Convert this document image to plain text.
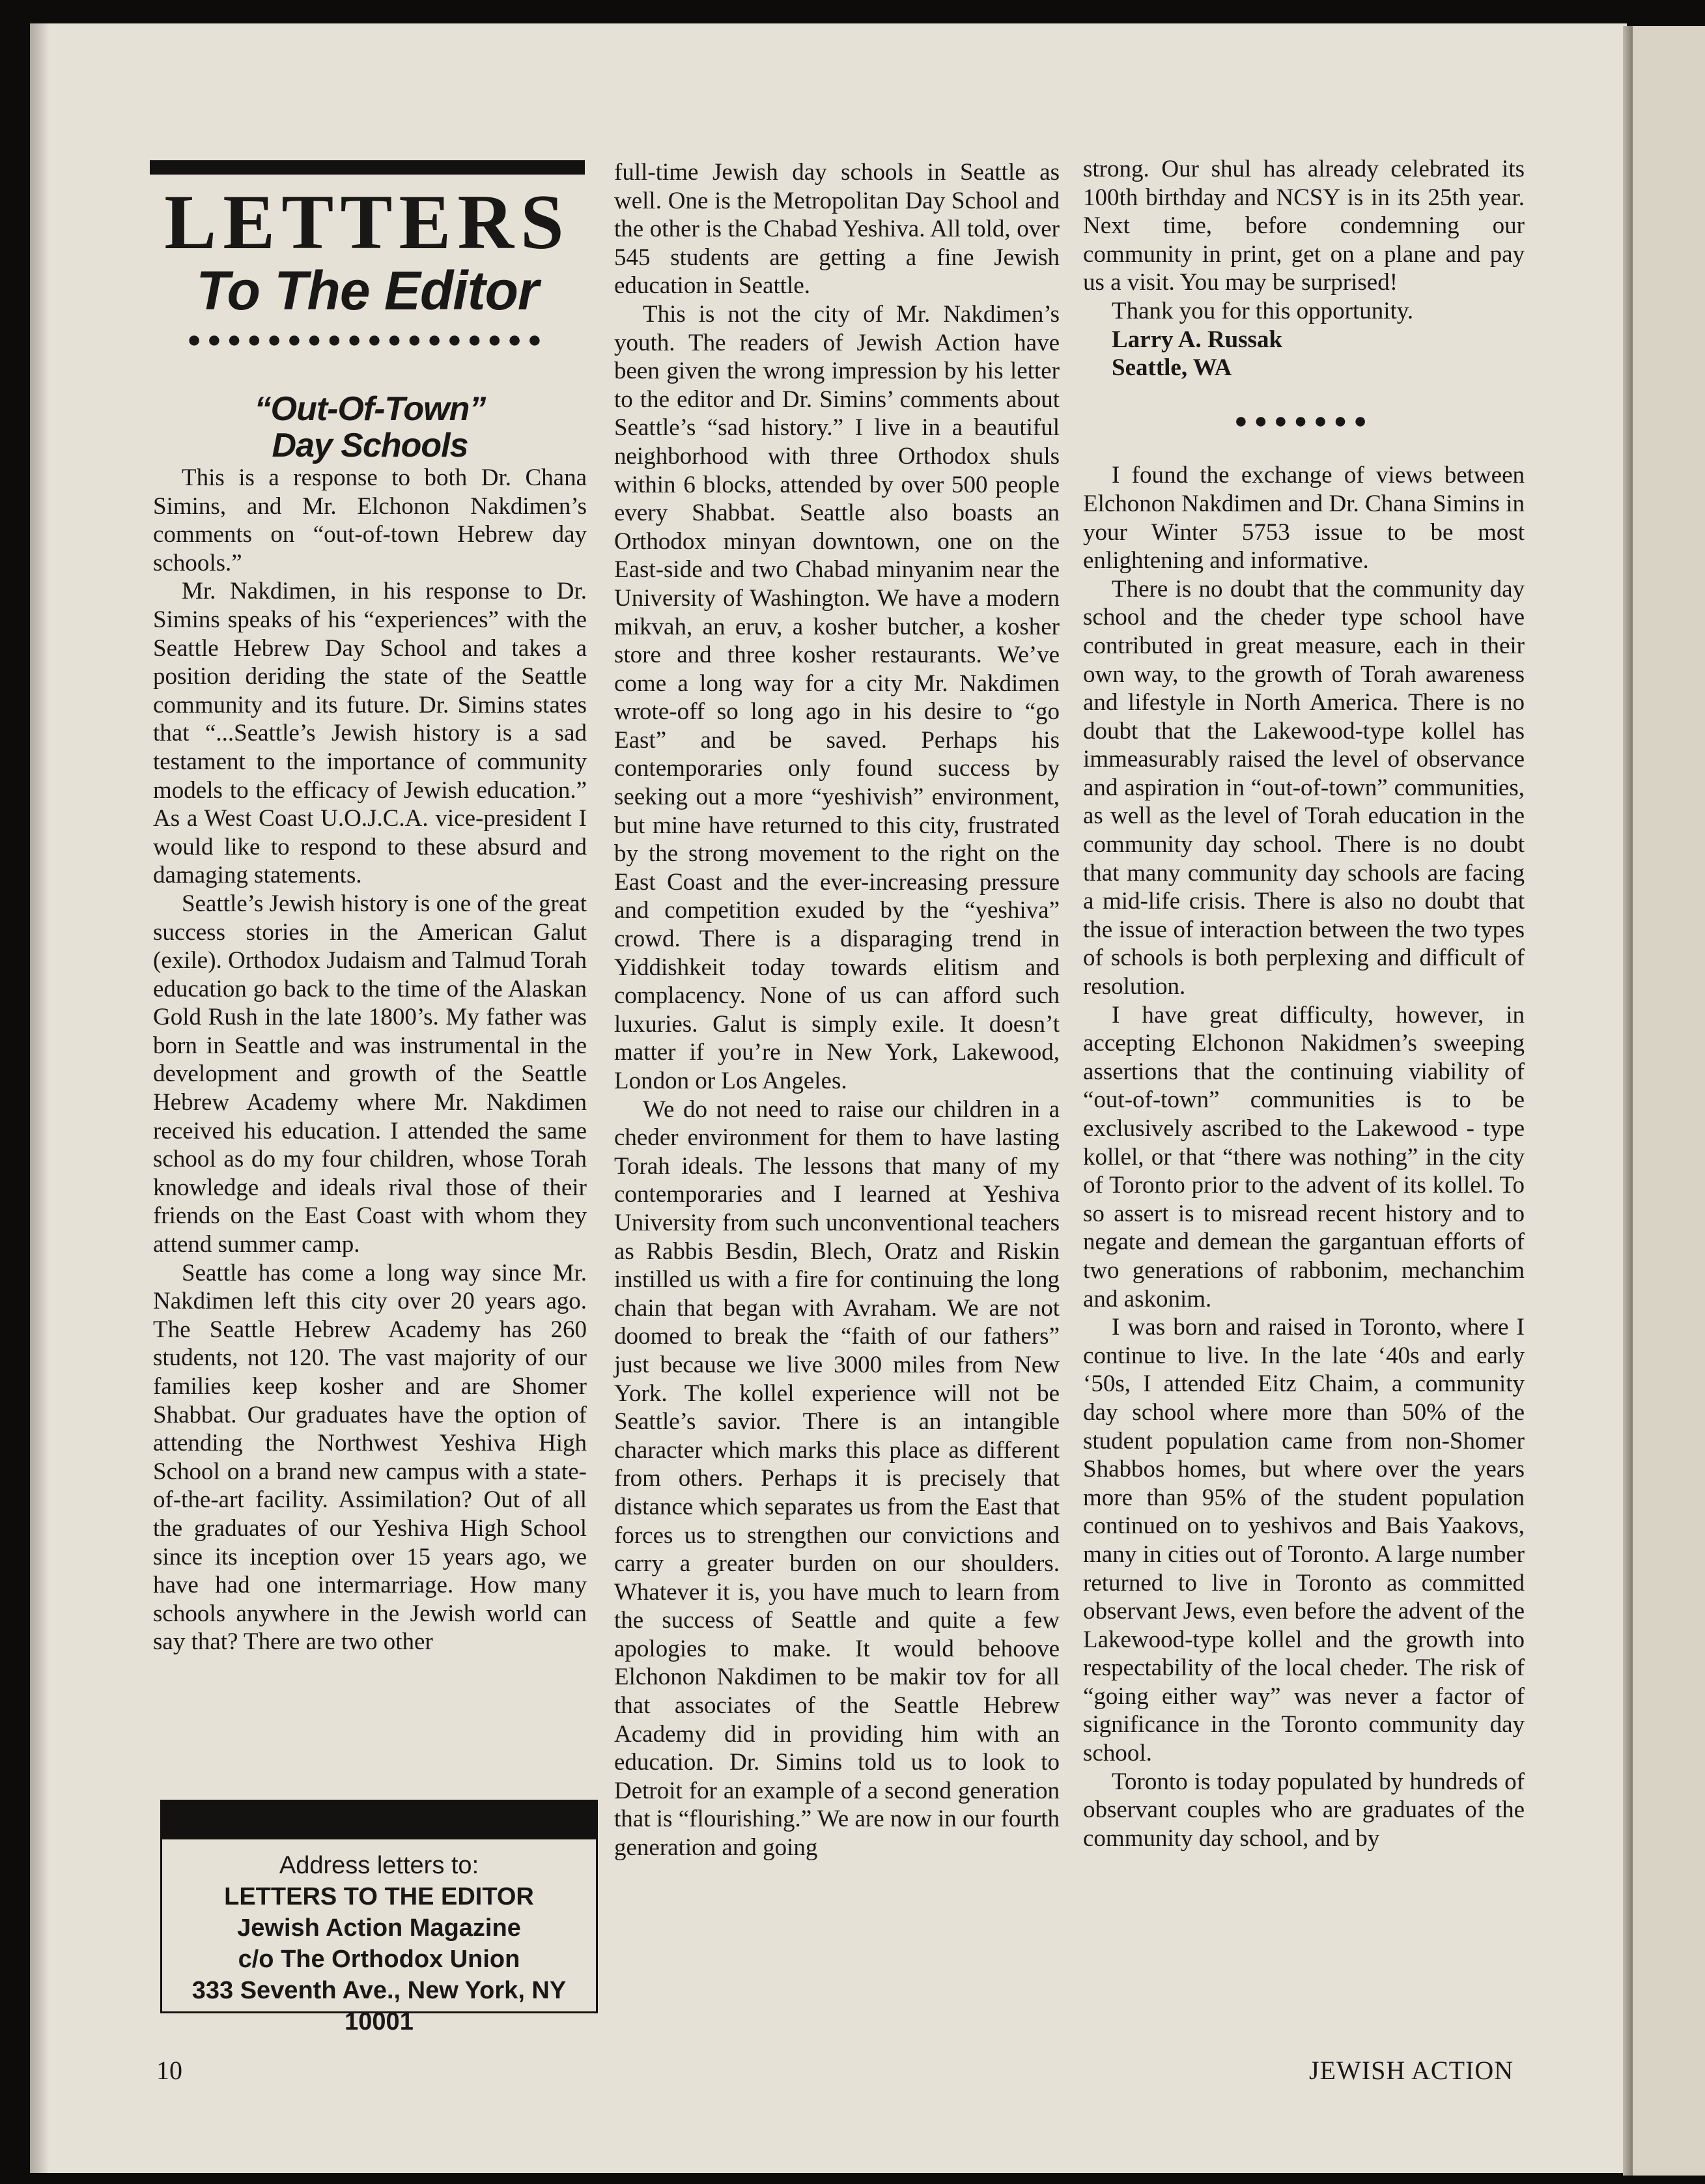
LETTERS
To The Editor
●●●●●●●●●●●●●●●●●●
“Out-Of-Town”
Day Schools

This is a response to both Dr. Chana Simins, and Mr. Elchonon Nakdimen’s comments on “out-of-town Hebrew day schools.”

Mr. Nakdimen, in his response to Dr. Simins speaks of his “experiences” with the Seattle Hebrew Day School and takes a position deriding the state of the Seattle community and its future. Dr. Simins states that “...Seattle’s Jewish history is a sad testament to the importance of community models to the efficacy of Jewish education.” As a West Coast U.O.J.C.A. vice-president I would like to respond to these absurd and damaging statements.

Seattle’s Jewish history is one of the great success stories in the American Galut (exile). Orthodox Judaism and Talmud Torah education go back to the time of the Alaskan Gold Rush in the late 1800’s. My father was born in Seattle and was instrumental in the development and growth of the Seattle Hebrew Academy where Mr. Nakdimen received his education. I attended the same school as do my four children, whose Torah knowledge and ideals rival those of their friends on the East Coast with whom they attend summer camp.

Seattle has come a long way since Mr. Nakdimen left this city over 20 years ago. The Seattle Hebrew Academy has 260 students, not 120. The vast majority of our families keep kosher and are Shomer Shabbat. Our graduates have the option of attending the Northwest Yeshiva High School on a brand new campus with a state-of-the-art facility. Assimilation? Out of all the graduates of our Yeshiva High School since its inception over 15 years ago, we have had one intermarriage. How many schools anywhere in the Jewish world can say that? There are two other

full-time Jewish day schools in Seattle as well. One is the Metropolitan Day School and the other is the Chabad Yeshiva. All told, over 545 students are getting a fine Jewish education in Seattle.

This is not the city of Mr. Nakdimen’s youth. The readers of Jewish Action have been given the wrong impression by his letter to the editor and Dr. Simins’ comments about Seattle’s “sad history.” I live in a beautiful neighborhood with three Orthodox shuls within 6 blocks, attended by over 500 people every Shabbat. Seattle also boasts an Orthodox minyan downtown, one on the East-side and two Chabad minyanim near the University of Washington. We have a modern mikvah, an eruv, a kosher butcher, a kosher store and three kosher restaurants. We’ve come a long way for a city Mr. Nakdimen wrote-off so long ago in his desire to “go East” and be saved. Perhaps his contemporaries only found success by seeking out a more “yeshivish” environment, but mine have returned to this city, frustrated by the strong movement to the right on the East Coast and the ever-increasing pressure and competition exuded by the “yeshiva” crowd. There is a disparaging trend in Yiddishkeit today towards elitism and complacency. None of us can afford such luxuries. Galut is simply exile. It doesn’t matter if you’re in New York, Lakewood, London or Los Angeles.

We do not need to raise our children in a cheder environment for them to have lasting Torah ideals. The lessons that many of my contemporaries and I learned at Yeshiva University from such unconventional teachers as Rabbis Besdin, Blech, Oratz and Riskin instilled us with a fire for continuing the long chain that began with Avraham. We are not doomed to break the “faith of our fathers” just because we live 3000 miles from New York. The kollel experience will not be Seattle’s savior. There is an intangible character which marks this place as different from others. Perhaps it is precisely that distance which separates us from the East that forces us to strengthen our convictions and carry a greater burden on our shoulders. Whatever it is, you have much to learn from the success of Seattle and quite a few apologies to make. It would behoove Elchonon Nakdimen to be makir tov for all that associates of the Seattle Hebrew Academy did in providing him with an education. Dr. Simins told us to look to Detroit for an example of a second generation that is “flourishing.” We are now in our fourth generation and going

strong. Our shul has already celebrated its 100th birthday and NCSY is in its 25th year. Next time, before condemning our community in print, get on a plane and pay us a visit. You may be surprised!

Thank you for this opportunity.

Larry A. Russak

Seattle, WA

●●●●●●●

I found the exchange of views between Elchonon Nakdimen and Dr. Chana Simins in your Winter 5753 issue to be most enlightening and informative.

There is no doubt that the community day school and the cheder type school have contributed in great measure, each in their own way, to the growth of Torah awareness and lifestyle in North America. There is no doubt that the Lakewood-type kollel has immeasurably raised the level of observance and aspiration in “out-of-town” communities, as well as the level of Torah education in the community day school. There is no doubt that many community day schools are facing a mid-life crisis. There is also no doubt that the issue of interaction between the two types of schools is both perplexing and difficult of resolution.

I have great difficulty, however, in accepting Elchonon Nakidmen’s sweeping assertions that the continuing viability of “out-of-town” communities is to be exclusively ascribed to the Lakewood - type kollel, or that “there was nothing” in the city of Toronto prior to the advent of its kollel. To so assert is to misread recent history and to negate and demean the gargantuan efforts of two generations of rabbonim, mechanchim and askonim.

I was born and raised in Toronto, where I continue to live. In the late ‘40s and early ‘50s, I attended Eitz Chaim, a community day school where more than 50% of the student population came from non-Shomer Shabbos homes, but where over the years more than 95% of the student population continued on to yeshivos and Bais Yaakovs, many in cities out of Toronto. A large number returned to live in Toronto as committed observant Jews, even before the advent of the Lakewood-type kollel and the growth into respectability of the local cheder. The risk of “going either way” was never a factor of significance in the Toronto community day school.

Toronto is today populated by hundreds of observant couples who are graduates of the community day school, and by

Address letters to:
LETTERS TO THE EDITOR
Jewish Action Magazine
c/o The Orthodox Union
333 Seventh Ave., New York, NY 10001
10	JEWISH ACTION
